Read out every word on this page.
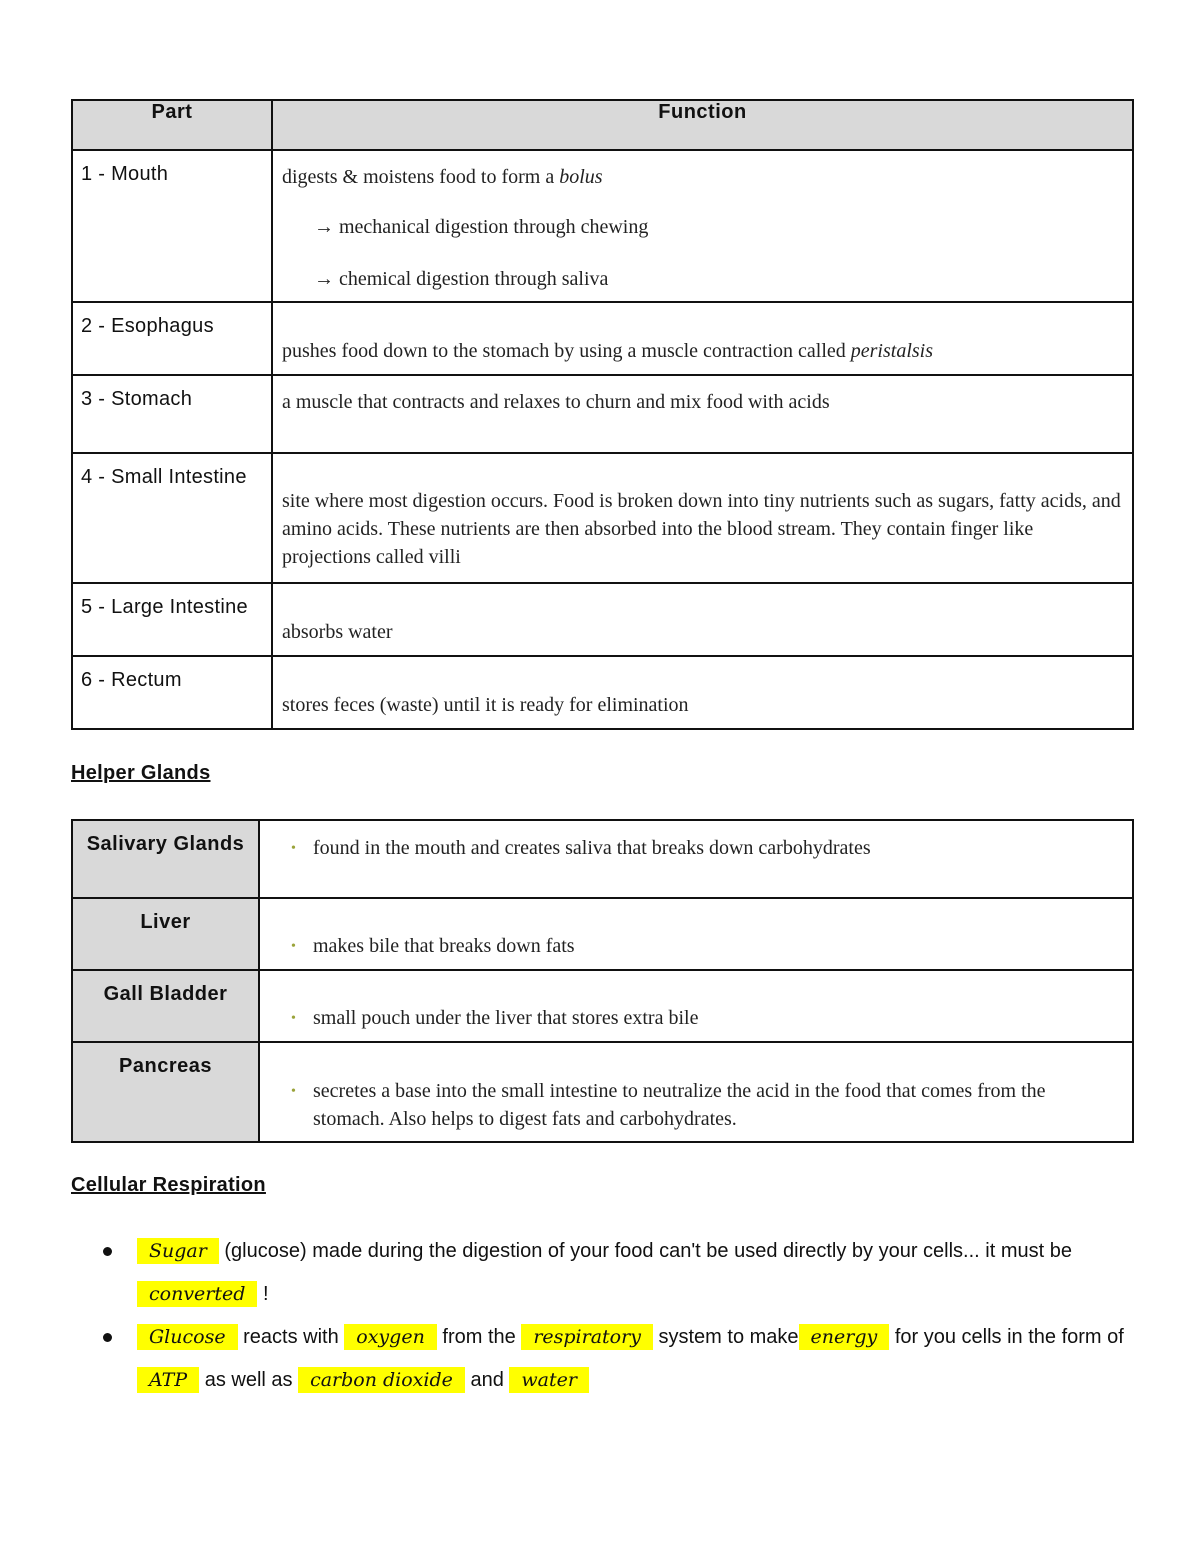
Part	Function
1 - Mouth	digests & moistens food to form a bolus
→ mechanical digestion through chewing
→ chemical digestion through saliva

2 - Esophagus	pushes food down to the stomach by using a muscle contraction called peristalsis

3 - Stomach	a muscle that contracts and relaxes to churn and mix food with acids

4 - Small Intestine	site where most digestion occurs. Food is broken down into tiny nutrients such as sugars, fatty acids, and amino acids. These nutrients are then absorbed into the blood stream. They contain finger like projections called villi

5 - Large Intestine	absorbs water

6 - Rectum	stores feces (waste) until it is ready for elimination
Helper Glands
Salivary Glands	• found in the mouth and creates saliva that breaks down carbohydrates

Liver	• makes bile that breaks down fats

Gall Bladder	• small pouch under the liver that stores extra bile

Pancreas	• secretes a base into the small intestine to neutralize the acid in the food that comes from the stomach. Also helps to digest fats and carbohydrates.
Cellular Respiration
Sugar (glucose) made during the digestion of your food can't be used directly by your cells... it must be converted !
Glucose reacts with oxygen from the respiratory system to make energy for you cells in the form of ATP as well as carbon dioxide and water
